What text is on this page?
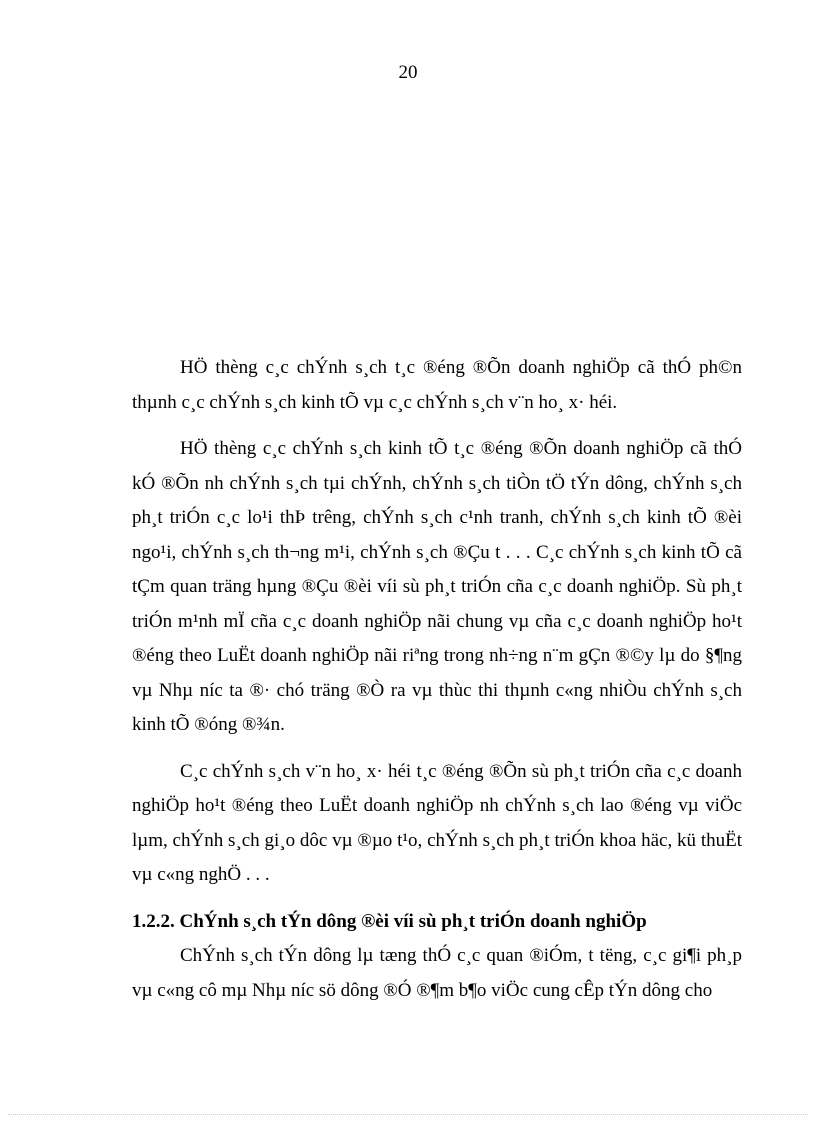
20

HÖ thèng c¸c chÝnh s¸ch t¸c ®éng ®Õn doanh nghiÖp cã thÓ ph©n thµnh c¸c chÝnh s¸ch kinh tÕ vµ c¸c chÝnh s¸ch v¨n ho¸ x· héi.

HÖ thèng c¸c chÝnh s¸ch kinh tÕ t¸c ®éng ®Õn doanh nghiÖp cã thÓ kÓ ®Õn nh chÝnh s¸ch tµi chÝnh, chÝnh s¸ch tiÒn tÖ tÝn dông, chÝnh s¸ch ph¸t triÓn c¸c lo¹i thÞ trêng, chÝnh s¸ch c¹nh tranh, chÝnh s¸ch kinh tÕ ®èi ngo¹i, chÝnh s¸ch th¬ng m¹i, chÝnh s¸ch ®Çu t . . . C¸c chÝnh s¸ch kinh tÕ cã tÇm quan träng hµng ®Çu ®èi víi sù ph¸t triÓn cña c¸c doanh nghiÖp. Sù ph¸t triÓn m¹nh mÏ cña c¸c doanh nghiÖp nãi chung vµ cña c¸c doanh nghiÖp ho¹t ®éng theo LuËt doanh nghiÖp nãi riªng trong nh÷ng n¨m gÇn ®©y lµ do §¶ng vµ Nhµ níc ta ®· chó träng ®Ò ra vµ thùc thi thµnh c«ng nhiÒu chÝnh s¸ch kinh tÕ ®óng ®¾n.

C¸c chÝnh s¸ch v¨n ho¸ x· héi t¸c ®éng ®Õn sù ph¸t triÓn cña c¸c doanh nghiÖp ho¹t ®éng theo LuËt doanh nghiÖp nh chÝnh s¸ch lao ®éng vµ viÖc lµm, chÝnh s¸ch gi¸o dôc vµ ®µo t¹o, chÝnh s¸ch ph¸t triÓn khoa häc, kü thuËt vµ c«ng nghÖ . . .

1.2.2. ChÝnh s¸ch tÝn dông ®èi víi sù ph¸t triÓn doanh nghiÖp

ChÝnh s¸ch tÝn dông lµ tæng thÓ c¸c quan ®iÓm, t tëng, c¸c gi¶i ph¸p vµ c«ng cô mµ Nhµ níc sö dông ®Ó ®¶m b¶o viÖc cung cÊp tÝn dông cho
